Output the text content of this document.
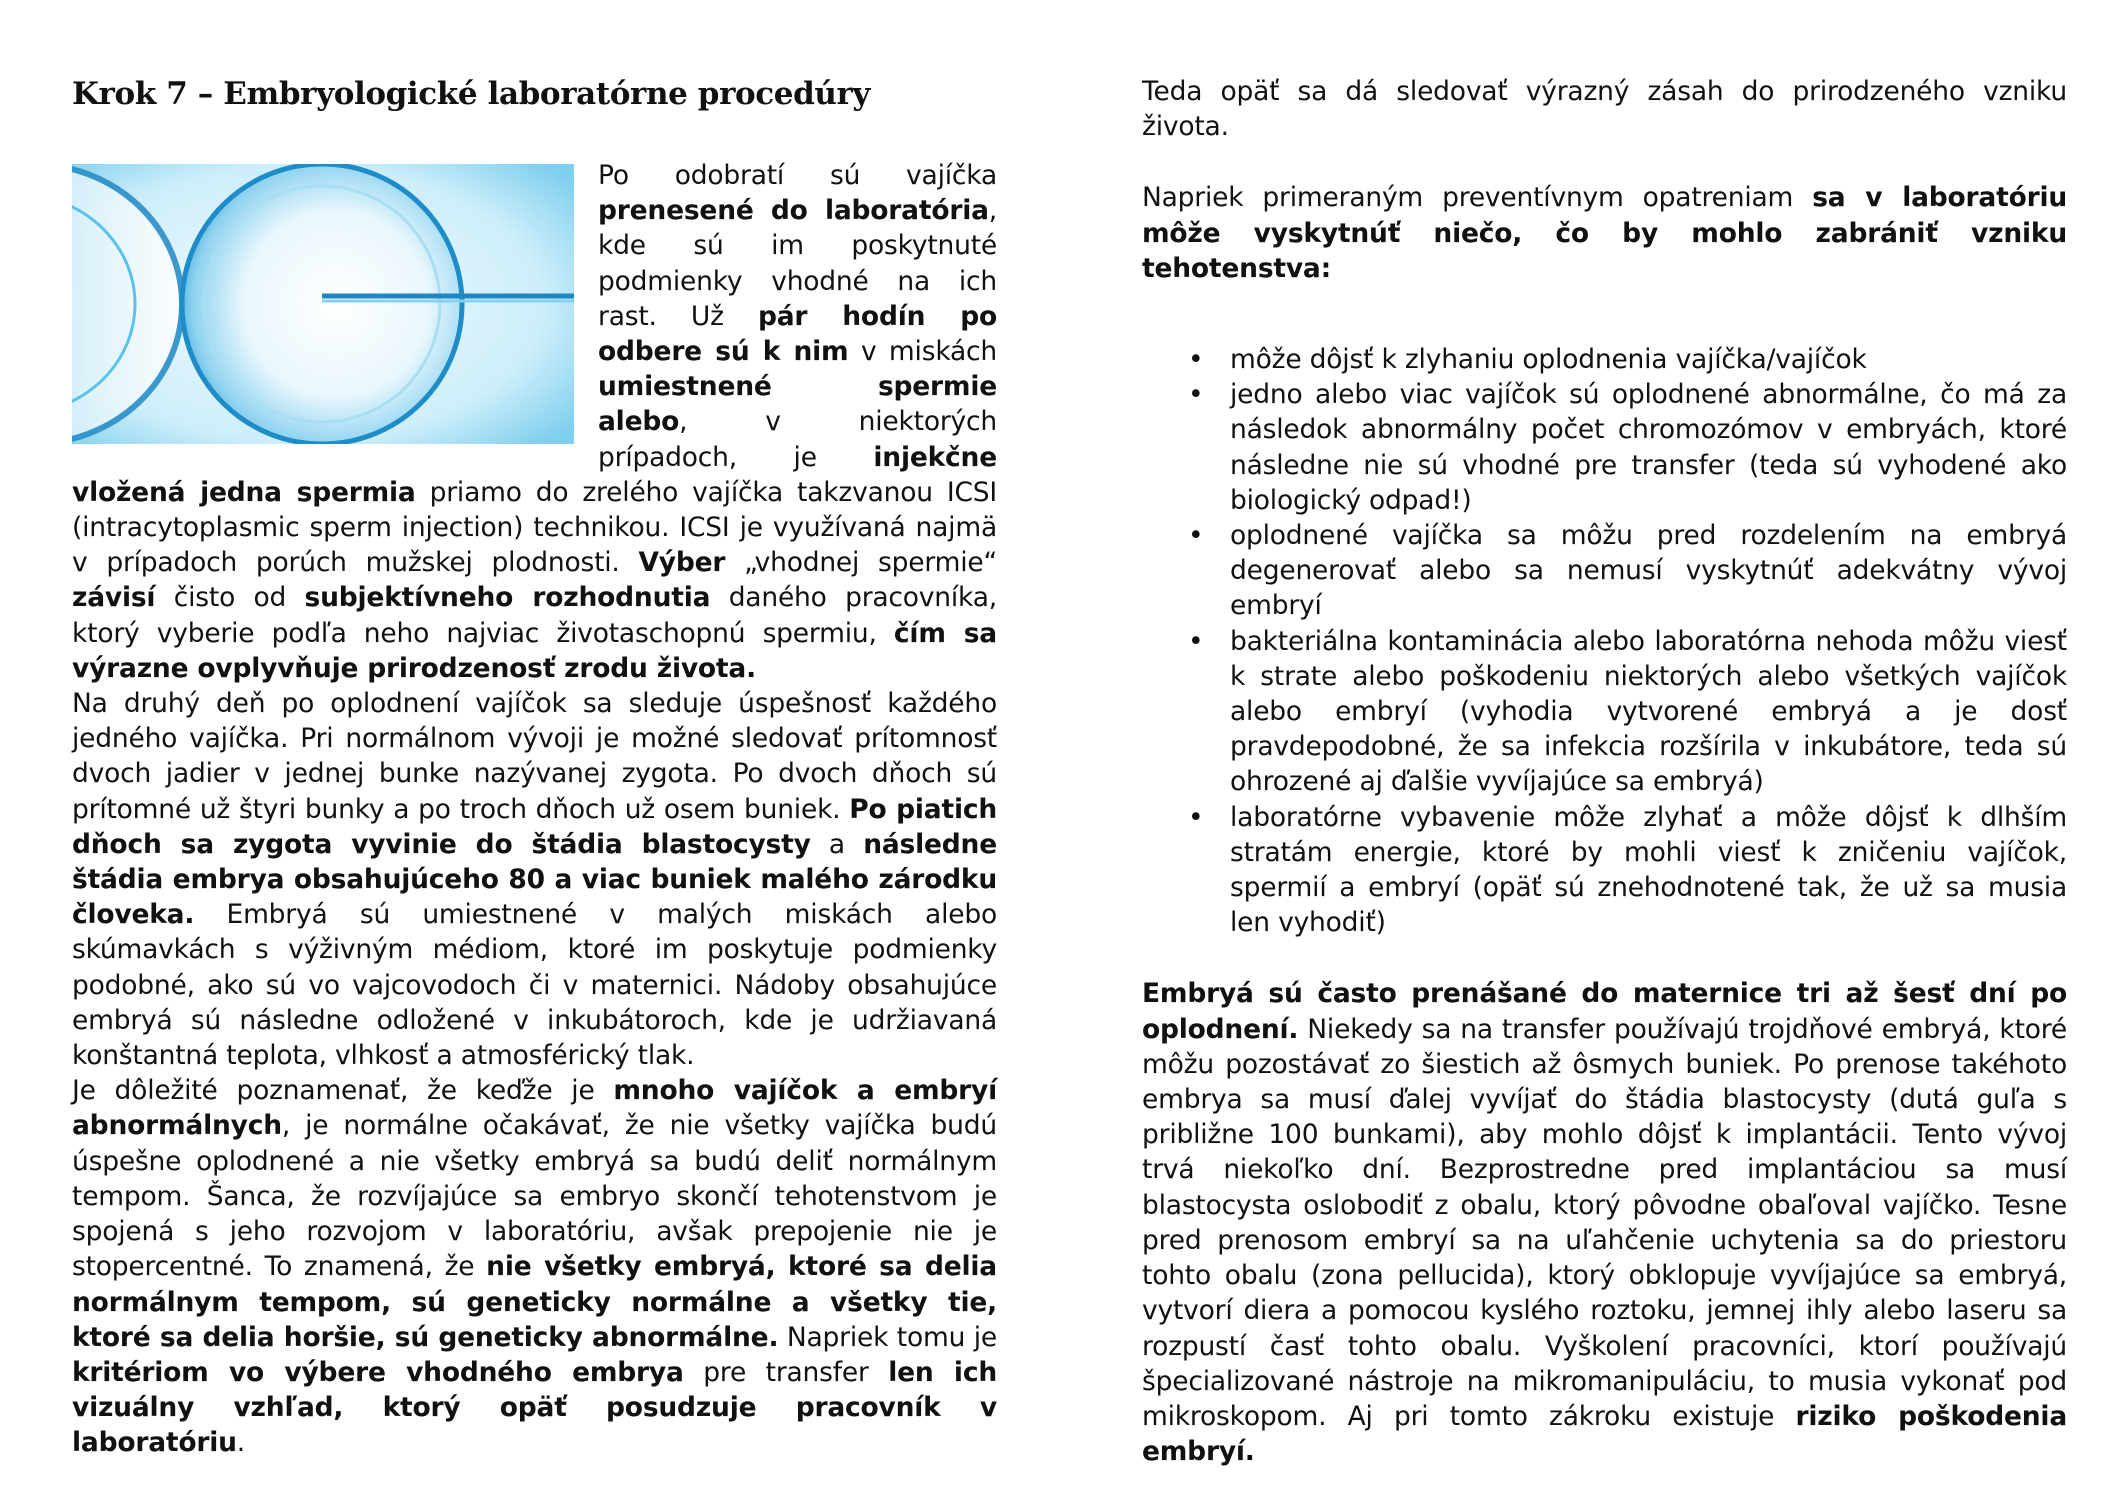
Krok 7 – Embryologické laboratórne procedúry

Po odobratí sú vajíčka prenesené do laboratória, kde sú im poskytnuté podmienky vhodné na ich rast. Už pár hodín po odbere sú k nim v miskách umiestnené spermie alebo, v niektorých prípadoch, je injekčne vložená jedna spermia priamo do zrelého vajíčka takzvanou ICSI (intracytoplasmic sperm injection) technikou. ICSI je využívaná najmä v prípadoch porúch mužskej plodnosti. Výber „vhodnej spermie“ závisí čisto od subjektívneho rozhodnutia daného pracovníka, ktorý vyberie podľa neho najviac životaschopnú spermiu, čím sa výrazne ovplyvňuje prirodzenosť zrodu života.

Na druhý deň po oplodnení vajíčok sa sleduje úspešnosť každého jedného vajíčka. Pri normálnom vývoji je možné sledovať prítomnosť dvoch jadier v jednej bunke nazývanej zygota. Po dvoch dňoch sú prítomné už štyri bunky a po troch dňoch už osem buniek. Po piatich dňoch sa zygota vyvinie do štádia blastocysty a následne štádia embrya obsahujúceho 80 a viac buniek malého zárodku človeka. Embryá sú umiestnené v malých miskách alebo skúmavkách s výživným médiom, ktoré im poskytuje podmienky podobné, ako sú vo vajcovodoch či v maternici. Nádoby obsahujúce embryá sú následne odložené v inkubátoroch, kde je udržiavaná konštantná teplota, vlhkosť a atmosférický tlak.

Je dôležité poznamenať, že keďže je mnoho vajíčok a embryí abnormálnych, je normálne očakávať, že nie všetky vajíčka budú úspešne oplodnené a nie všetky embryá sa budú deliť normálnym tempom. Šanca, že rozvíjajúce sa embryo skončí tehotenstvom je spojená s jeho rozvojom v laboratóriu, avšak prepojenie nie je stopercentné. To znamená, že nie všetky embryá, ktoré sa delia normálnym tempom, sú geneticky normálne a všetky tie, ktoré sa delia horšie, sú geneticky abnormálne. Napriek tomu je kritériom vo výbere vhodného embrya pre transfer len ich vizuálny vzhľad, ktorý opäť posudzuje pracovník v laboratóriu.

Teda opäť sa dá sledovať výrazný zásah do prirodzeného vzniku života.

Napriek primeraným preventívnym opatreniam sa v laboratóriu môže vyskytnúť niečo, čo by mohlo zabrániť vzniku tehotenstva:

• môže dôjsť k zlyhaniu oplodnenia vajíčka/vajíčok
• jedno alebo viac vajíčok sú oplodnené abnormálne, čo má za následok abnormálny počet chromozómov v embryách, ktoré následne nie sú vhodné pre transfer (teda sú vyhodené ako biologický odpad!)
• oplodnené vajíčka sa môžu pred rozdelením na embryá degenerovať alebo sa nemusí vyskytnúť adekvátny vývoj embryí
• bakteriálna kontaminácia alebo laboratórna nehoda môžu viesť k strate alebo poškodeniu niektorých alebo všetkých vajíčok alebo embryí (vyhodia vytvorené embryá a je dosť pravdepodobné, že sa infekcia rozšírila v inkubátore, teda sú ohrozené aj ďalšie vyvíjajúce sa embryá)
• laboratórne vybavenie môže zlyhať a môže dôjsť k dlhším stratám energie, ktoré by mohli viesť k zničeniu vajíčok, spermií a embryí (opäť sú znehodnotené tak, že už sa musia len vyhodiť)

Embryá sú často prenášané do maternice tri až šesť dní po oplodnení. Niekedy sa na transfer používajú trojdňové embryá, ktoré môžu pozostávať zo šiestich až ôsmych buniek. Po prenose takéhoto embrya sa musí ďalej vyvíjať do štádia blastocysty (dutá guľa s približne 100 bunkami), aby mohlo dôjsť k implantácii. Tento vývoj trvá niekoľko dní. Bezprostredne pred implantáciou sa musí blastocysta oslobodiť z obalu, ktorý pôvodne obaľoval vajíčko. Tesne pred prenosom embryí sa na uľahčenie uchytenia sa do priestoru tohto obalu (zona pellucida), ktorý obklopuje vyvíjajúce sa embryá, vytvorí diera a pomocou kyslého roztoku, jemnej ihly alebo laseru sa rozpustí časť tohto obalu. Vyškolení pracovníci, ktorí používajú špecializované nástroje na mikromanipuláciu, to musia vykonať pod mikroskopom. Aj pri tomto zákroku existuje riziko poškodenia embryí.
